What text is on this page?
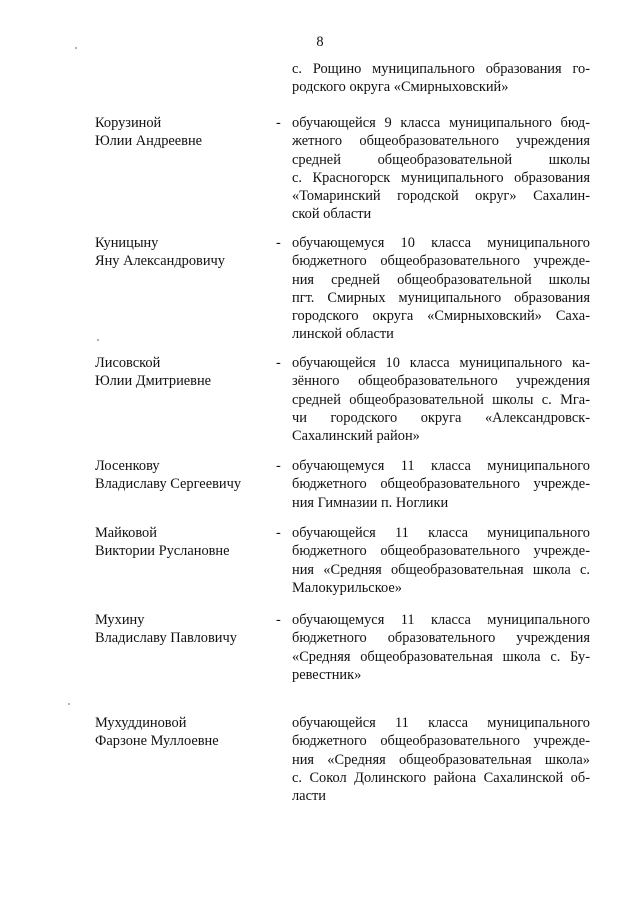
8
с. Рощино муниципального образования го-
родского округа «Смирныховский»
Корузиной
Юлии Андреевне
- обучающейся 9 класса муниципального бюд-
жетного общеобразовательного учреждения
средней общеобразовательной школы
с. Красногорск муниципального образования
«Томаринский городской округ» Сахалин-
ской области
Куницыну
Яну Александровичу
- обучающемуся 10 класса муниципального
бюджетного общеобразовательного учрежде-
ния средней общеобразовательной школы
пгт. Смирных муниципального образования
городского округа «Смирныховский» Саха-
линской области
Лисовской
Юлии Дмитриевне
- обучающейся 10 класса муниципального ка-
зённого общеобразовательного учреждения
средней общеобразовательной школы с. Мга-
чи городского округа «Александровск-
Сахалинский район»
Лосенкову
Владиславу Сергеевичу
- обучающемуся 11 класса муниципального
бюджетного общеобразовательного учрежде-
ния Гимназии п. Ноглики
Майковой
Виктории Руслановне
- обучающейся 11 класса муниципального
бюджетного общеобразовательного учрежде-
ния «Средняя общеобразовательная школа с.
Малокурильское»
Мухину
Владиславу Павловичу
- обучающемуся 11 класса муниципального
бюджетного образовательного учреждения
«Средняя общеобразовательная школа с. Бу-
ревестник»
Мухуддиновой
Фарзоне Муллоевне
обучающейся 11 класса муниципального
бюджетного общеобразовательного учрежде-
ния «Средняя общеобразовательная школа»
с. Сокол Долинского района Сахалинской об-
ласти
